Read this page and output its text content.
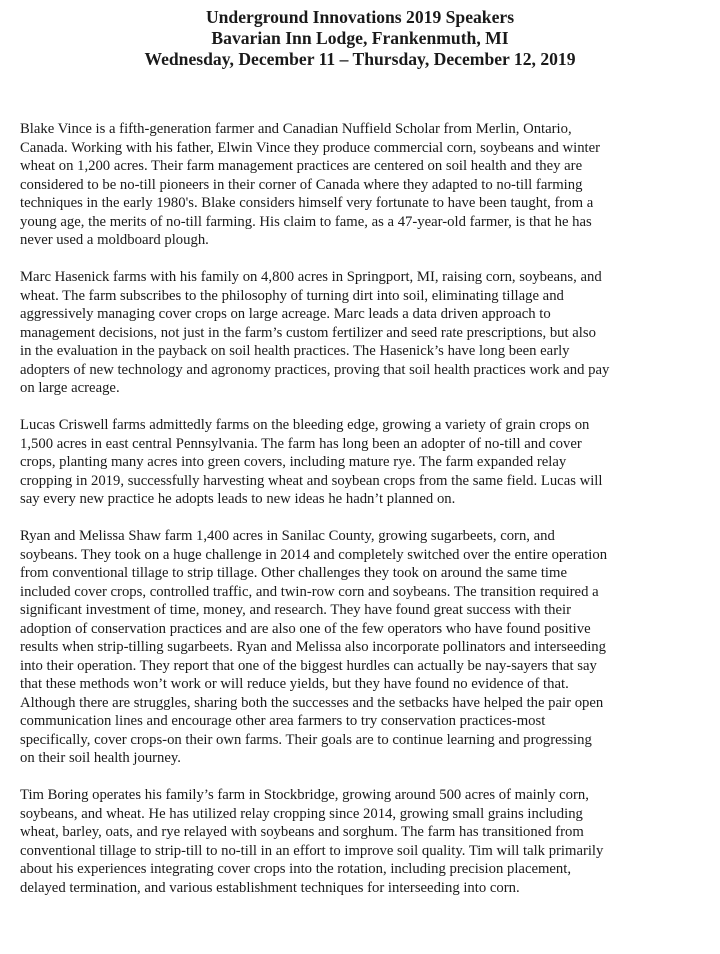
Underground Innovations 2019 Speakers
Bavarian Inn Lodge, Frankenmuth, MI
Wednesday, December 11 – Thursday, December 12, 2019
Blake Vince is a fifth-generation farmer and Canadian Nuffield Scholar from Merlin, Ontario,
Canada. Working with his father, Elwin Vince they produce commercial corn, soybeans and winter
wheat on 1,200 acres. Their farm management practices are centered on soil health and they are
considered to be no-till pioneers in their corner of Canada where they adapted to no-till farming
techniques in the early 1980's. Blake considers himself very fortunate to have been taught, from a
young age, the merits of no-till farming. His claim to fame, as a 47-year-old farmer, is that he has
never used a moldboard plough.
Marc Hasenick farms with his family on 4,800 acres in Springport, MI, raising corn, soybeans, and
wheat. The farm subscribes to the philosophy of turning dirt into soil, eliminating tillage and
aggressively managing cover crops on large acreage. Marc leads a data driven approach to
management decisions, not just in the farm’s custom fertilizer and seed rate prescriptions, but also
in the evaluation in the payback on soil health practices. The Hasenick’s have long been early
adopters of new technology and agronomy practices, proving that soil health practices work and pay
on large acreage.
Lucas Criswell farms admittedly farms on the bleeding edge, growing a variety of grain crops on
1,500 acres in east central Pennsylvania. The farm has long been an adopter of no-till and cover
crops, planting many acres into green covers, including mature rye. The farm expanded relay
cropping in 2019, successfully harvesting wheat and soybean crops from the same field. Lucas will
say every new practice he adopts leads to new ideas he hadn’t planned on.
Ryan and Melissa Shaw farm 1,400 acres in Sanilac County, growing sugarbeets, corn, and
soybeans. They took on a huge challenge in 2014 and completely switched over the entire operation
from conventional tillage to strip tillage. Other challenges they took on around the same time
included cover crops, controlled traffic, and twin-row corn and soybeans. The transition required a
significant investment of time, money, and research. They have found great success with their
adoption of conservation practices and are also one of the few operators who have found positive
results when strip-tilling sugarbeets. Ryan and Melissa also incorporate pollinators and interseeding
into their operation. They report that one of the biggest hurdles can actually be nay-sayers that say
that these methods won’t work or will reduce yields, but they have found no evidence of that.
Although there are struggles, sharing both the successes and the setbacks have helped the pair open
communication lines and encourage other area farmers to try conservation practices-most
specifically, cover crops-on their own farms. Their goals are to continue learning and progressing
on their soil health journey.
Tim Boring operates his family’s farm in Stockbridge, growing around 500 acres of mainly corn,
soybeans, and wheat. He has utilized relay cropping since 2014, growing small grains including
wheat, barley, oats, and rye relayed with soybeans and sorghum. The farm has transitioned from
conventional tillage to strip-till to no-till in an effort to improve soil quality. Tim will talk primarily
about his experiences integrating cover crops into the rotation, including precision placement,
delayed termination, and various establishment techniques for interseeding into corn.
